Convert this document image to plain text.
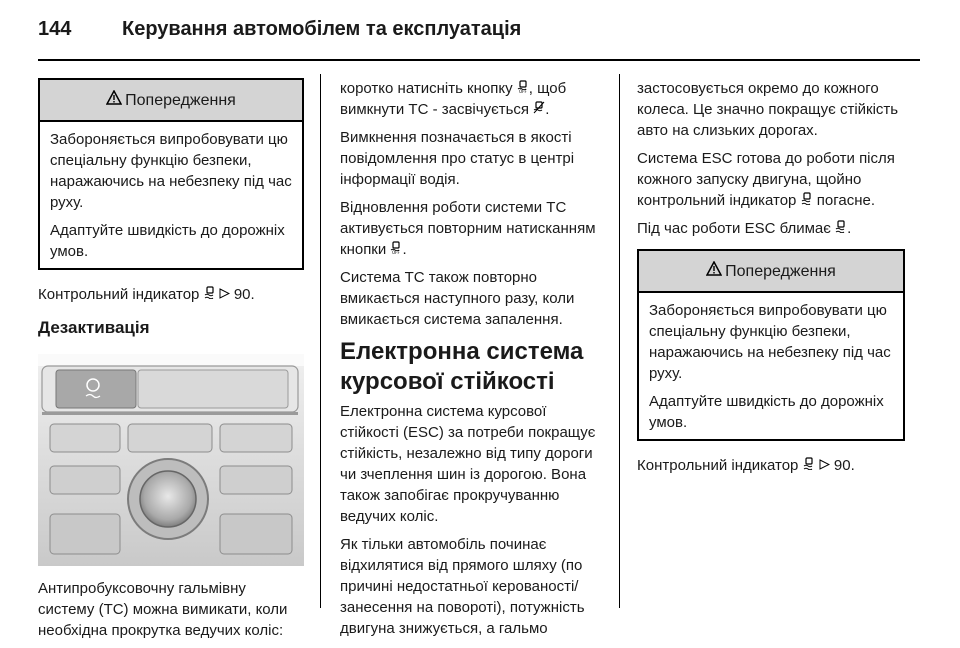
144	Керування автомобілем та експлуатація
Попередження

Забороняється випробовувати цю спеціальну функцію безпеки, наражаючись на небезпеку під час руху.

Адаптуйте швидкість до дорожніх умов.

Контрольний індикатор 90.

Дезактивація

Антипробуксовочну гальмівну систему (TC) можна вимикати, коли необхідна прокрутка ведучих коліс:

коротко натисніть кнопку OFF , щоб вимкнути TC - засвічується .

Вимкнення позначається в якості повідомлення про статус в центрі інформації водія.

Відновлення роботи системи TC активується повторним натисканням кнопки OFF .

Система TC також повторно вмикається наступного разу, коли вмикається система запалення.

Електронна система курсової стійкості

Електронна система курсової стійкості (ESC) за потреби покращує стійкість, незалежно від типу дороги чи зчеплення шин із дорогою. Вона також запобігає прокручуванню ведучих коліс.

Як тільки автомобіль починає відхилятися від прямого шляху (по причині недостатньої керованості/ занесення на повороті), потужність двигуна знижується, а гальмо

застосовується окремо до кожного колеса. Це значно покращує стійкість авто на слизьких дорогах.

Система ESC готова до роботи після кожного запуску двигуна, щойно контрольний індикатор погасне.

Під час роботи ESC блимає .

Попередження

Забороняється випробовувати цю спеціальну функцію безпеки, наражаючись на небезпеку під час руху.

Адаптуйте швидкість до дорожніх умов.

Контрольний індикатор 90.
